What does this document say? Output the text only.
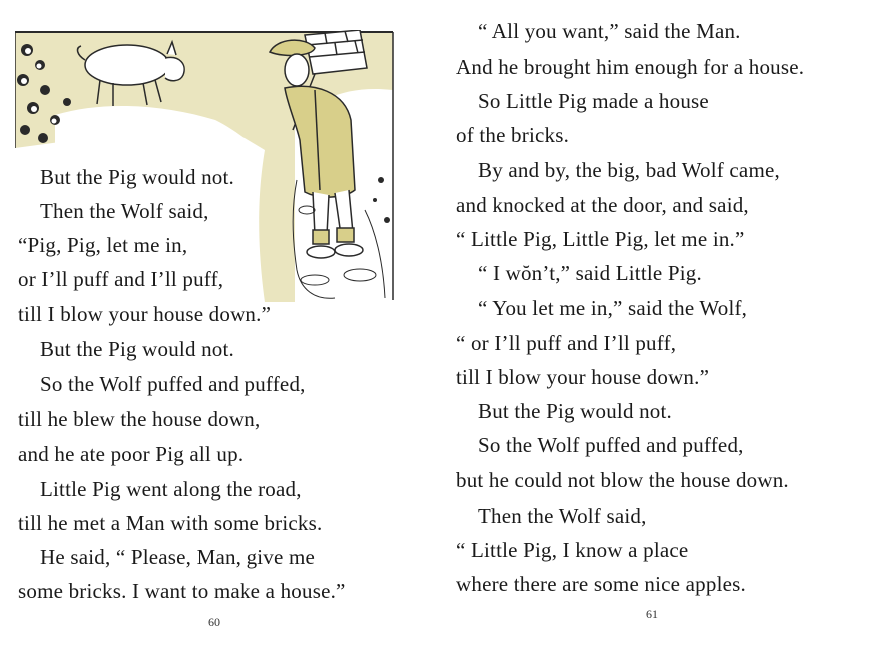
But the Pig would not.
Then the Wolf said,
“Pig, Pig, let me in,
or I’ll puff and I’ll puff,
till I blow your house down.”
But the Pig would not.
So the Wolf puffed and puffed,
till he blew the house down,
and he ate poor Pig all up.
Little Pig went along the road,
till he met a Man with some bricks.
He said, “ Please, Man, give me
some bricks. I want to make a house.”
60
“ All you want,” said the Man.
And he brought him enough for a house.
So Little Pig made a house
of the bricks.
By and by, the big, bad Wolf came,
and knocked at the door, and said,
“ Little Pig, Little Pig, let me in.”
“ I wŏn’t,” said Little Pig.
“ You let me in,” said the Wolf,
“ or I’ll puff and I’ll puff,
till I blow your house down.”
But the Pig would not.
So the Wolf puffed and puffed,
but he could not blow the house down.
Then the Wolf said,
“ Little Pig, I know a place
where there are some nice apples.
61
